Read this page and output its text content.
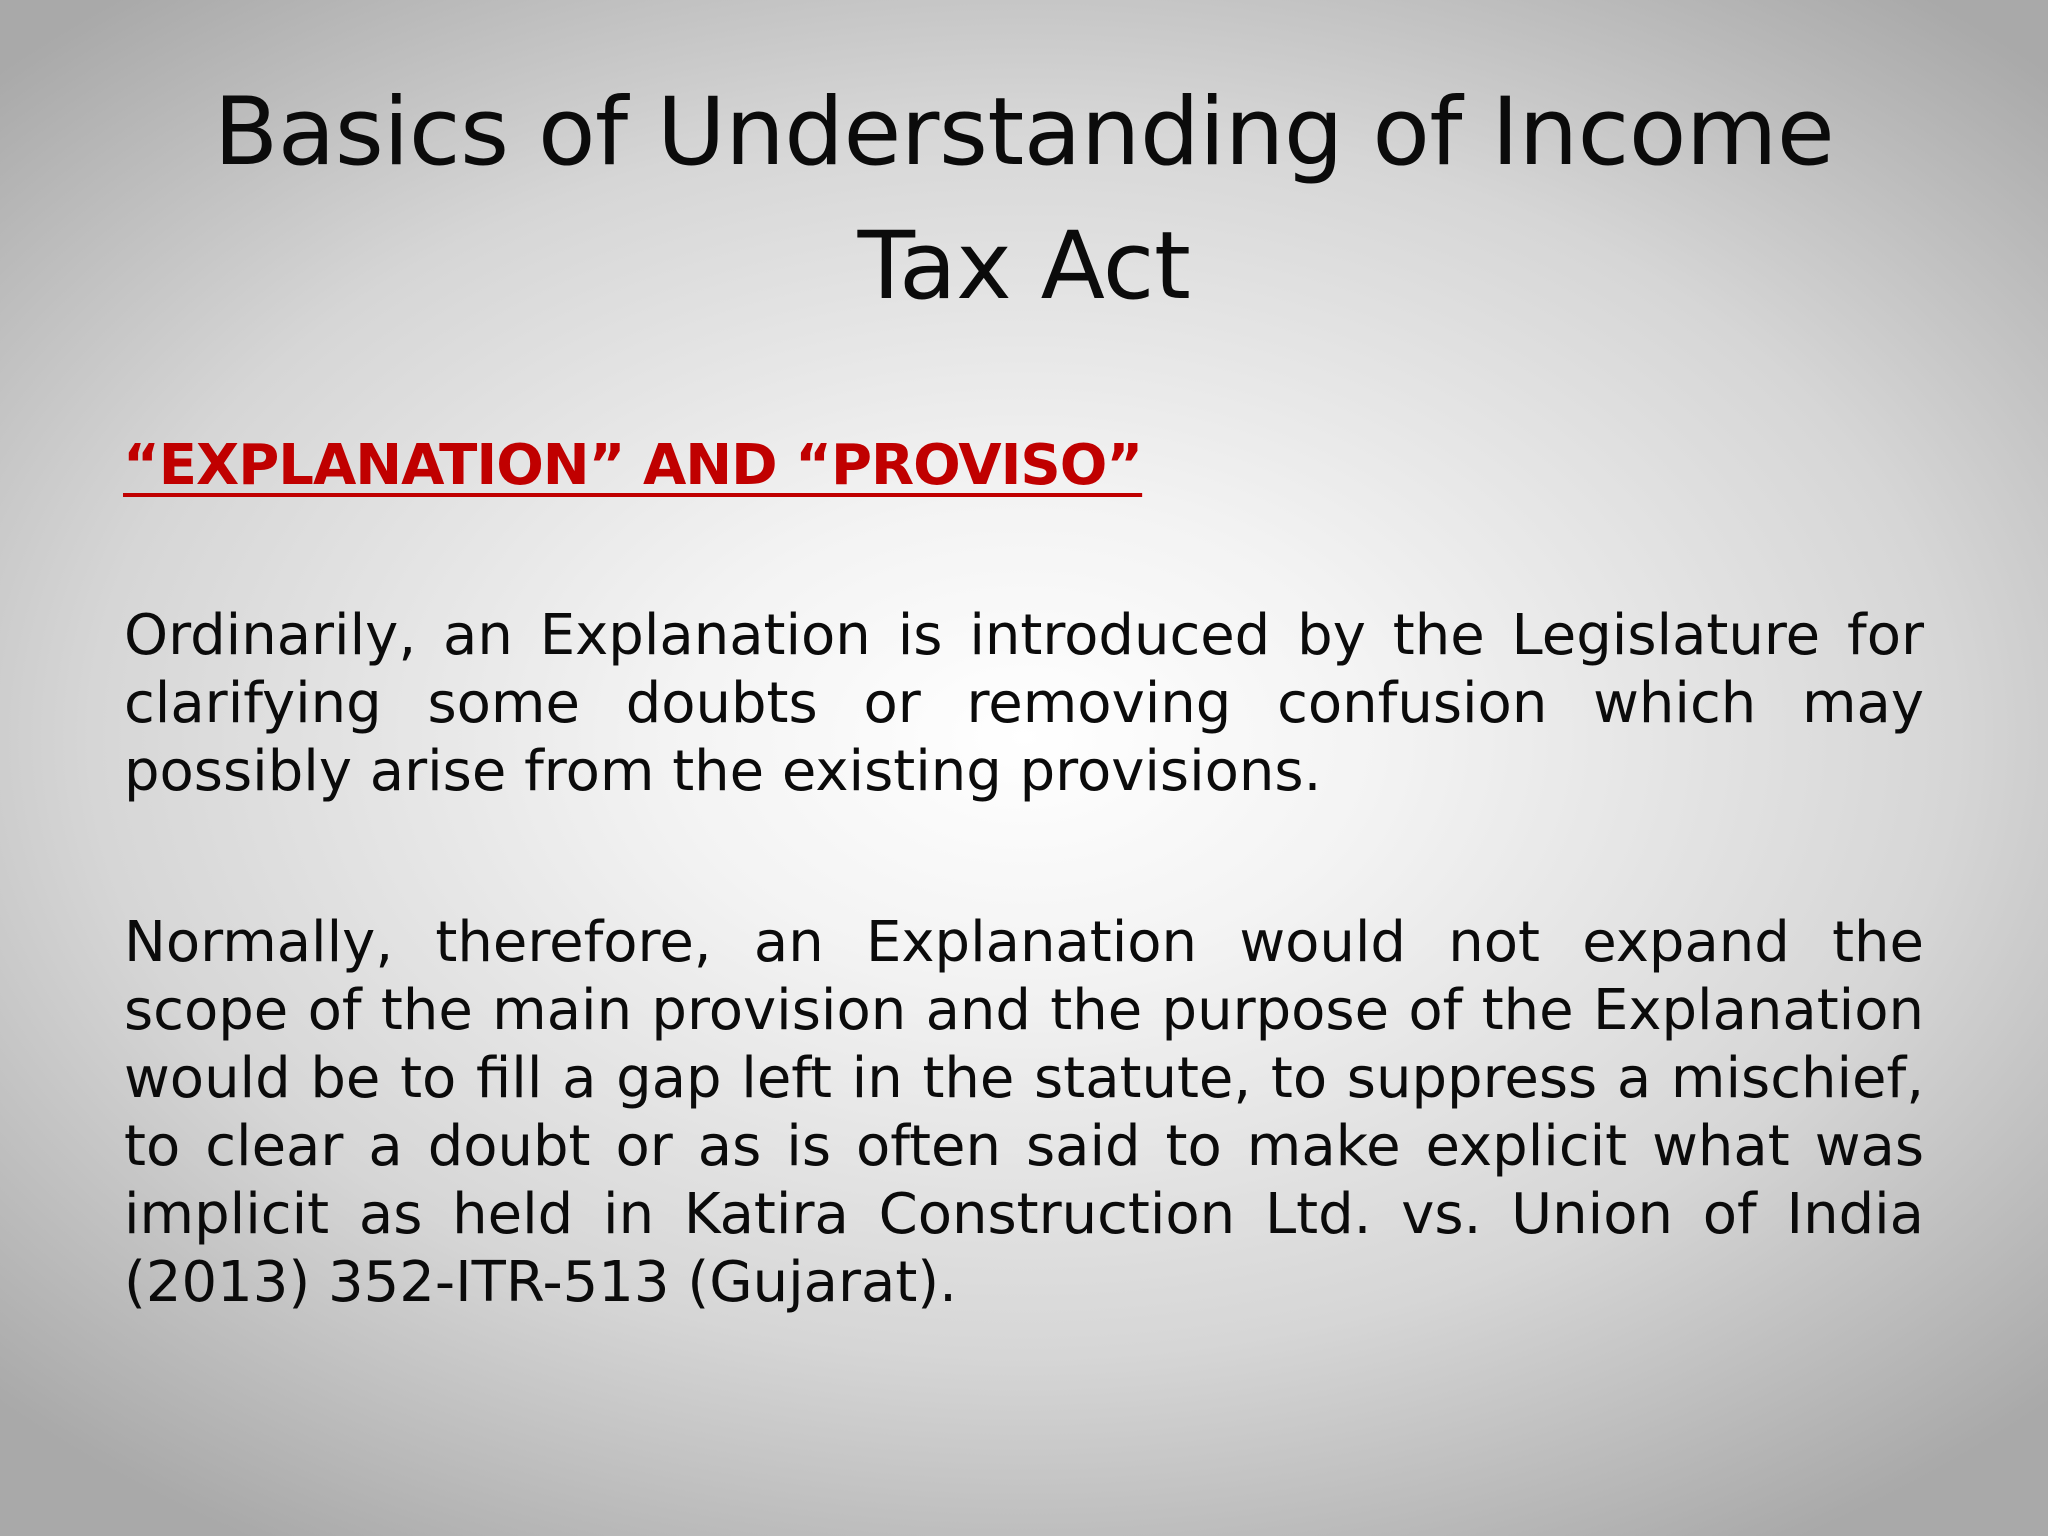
Basics of Understanding of Income
Tax Act
“EXPLANATION” AND “PROVISO”

Ordinarily, an Explanation is introduced by the Legislature for clarifying some doubts or removing confusion which may possibly arise from the existing provisions.

Normally, therefore, an Explanation would not expand the scope of the main provision and the purpose of the Explanation would be to fill a gap left in the statute, to suppress a mischief, to clear a doubt or as is often said to make explicit what was implicit as held in Katira Construction Ltd. vs. Union of India (2013) 352-ITR-513 (Gujarat).
